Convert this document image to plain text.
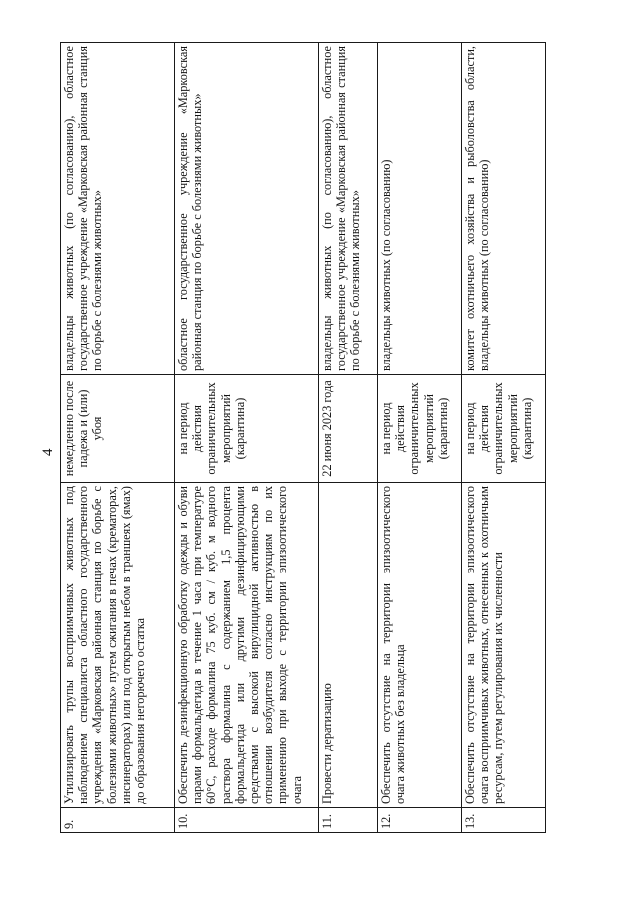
4
9.	Утилизировать трупы восприимчивых животных под наблюдением специалиста областного государственного учреждения «Марковская районная станция по борьбе с болезнями животных» путем сжигания в печах (крематорах, инсинераторах) или под открытым небом в траншеях (ямах) до образования негорючего остатка	немедленно после падежа и (или) убоя	владельцы животных (по согласованию), областное государственное учреждение «Марковская районная станция по борьбе с болезнями животных»
10.	Обеспечить дезинфекционную обработку одежды и обуви парами формальдегида в течение 1 часа при температуре 60°С, расходе формалина 75 куб. см / куб. м водного раствора формалина с содержанием 1,5 процента формальдегида или другими дезинфицирующими средствами с высокой вирулицидной активностью в отношении возбудителя согласно инструкциям по их применению при выходе с территории эпизоотического очага	на период действия ограничительных мероприятий (карантина)	областное государственное учреждение «Марковская районная станция по борьбе с болезнями животных»
11.	Провести дератизацию	22 июня 2023 года	владельцы животных (по согласованию), областное государственное учреждение «Марковская районная станция по борьбе с болезнями животных»
12.	Обеспечить отсутствие на территории эпизоотического очага животных без владельца	на период действия ограничительных мероприятий (карантина)	владельцы животных (по согласованию)
13.	Обеспечить отсутствие на территории эпизоотического очага восприимчивых животных, отнесенных к охотничьим ресурсам, путем регулирования их численности	на период действия ограничительных мероприятий (карантина)	комитет охотничьего хозяйства и рыболовства области, владельцы животных (по согласованию)
